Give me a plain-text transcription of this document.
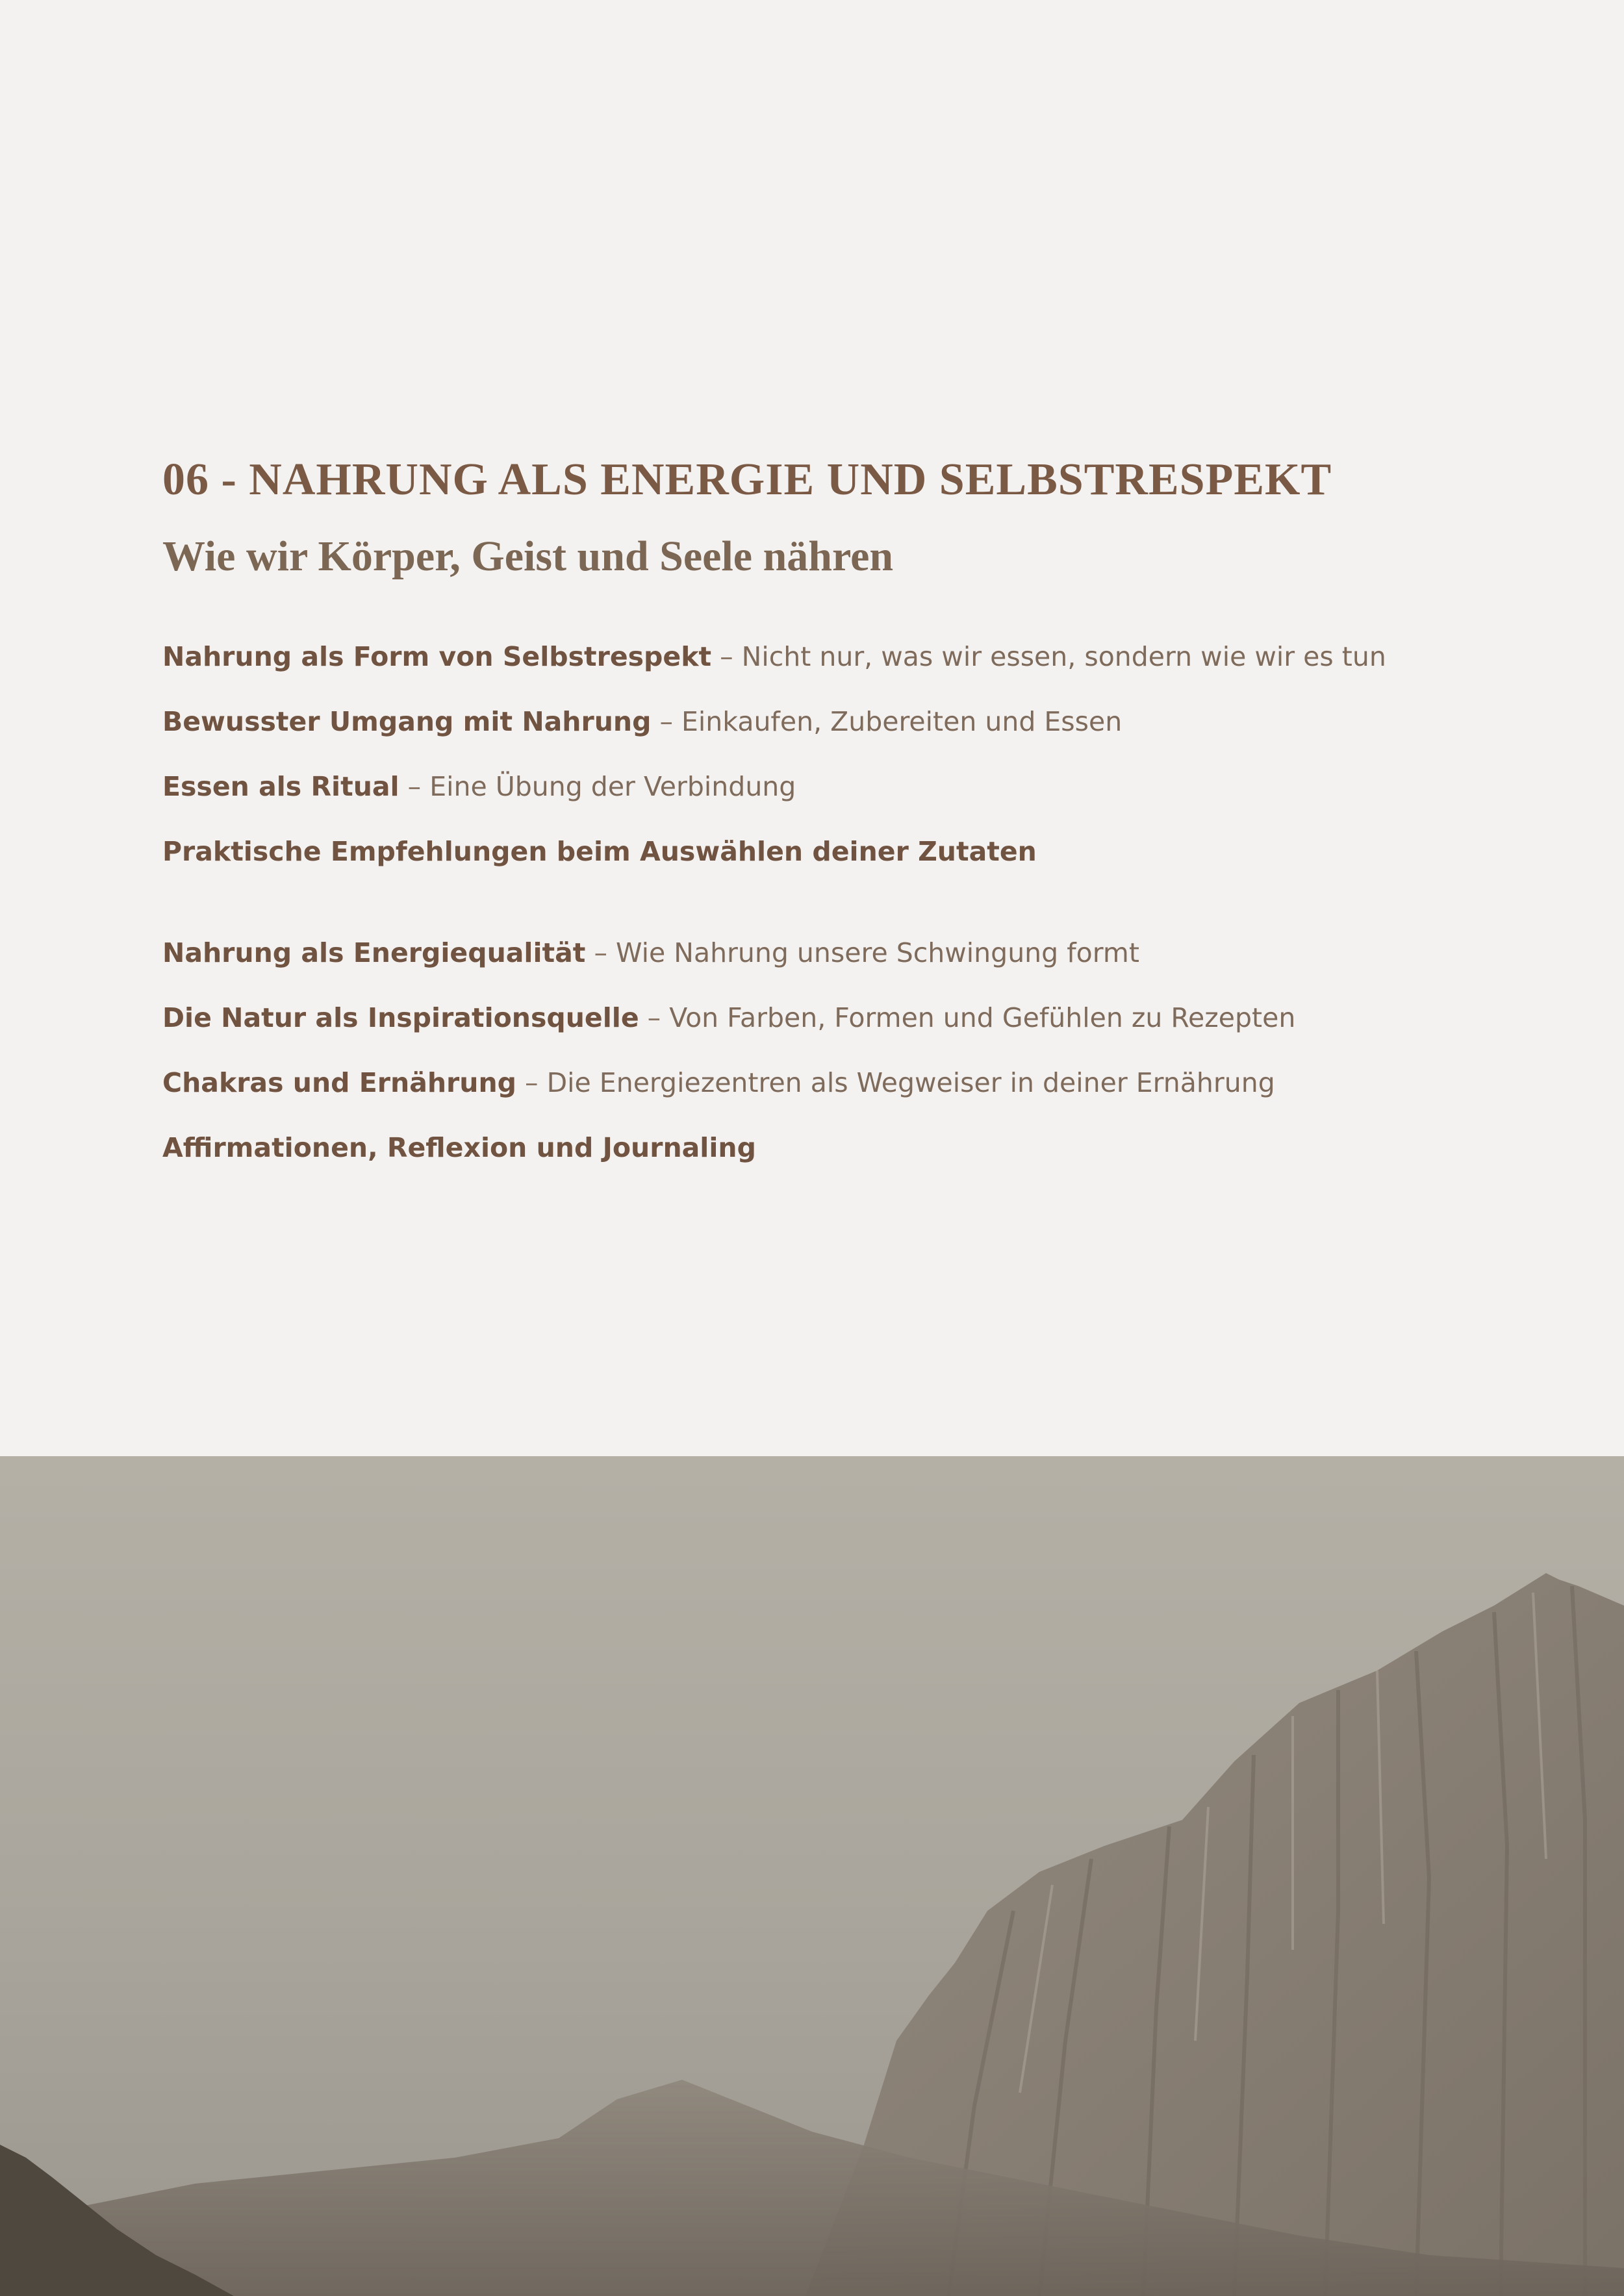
06 - NAHRUNG ALS ENERGIE UND SELBSTRESPEKT
Wie wir Körper, Geist und Seele nähren

Nahrung als Form von Selbstrespekt – Nicht nur, was wir essen, sondern wie wir es tun

Bewusster Umgang mit Nahrung – Einkaufen, Zubereiten und Essen

Essen als Ritual – Eine Übung der Verbindung

Praktische Empfehlungen beim Auswählen deiner Zutaten

Nahrung als Energiequalität – Wie Nahrung unsere Schwingung formt

Die Natur als Inspirationsquelle – Von Farben, Formen und Gefühlen zu Rezepten

Chakras und Ernährung – Die Energiezentren als Wegweiser in deiner Ernährung

Affirmationen, Reflexion und Journaling
